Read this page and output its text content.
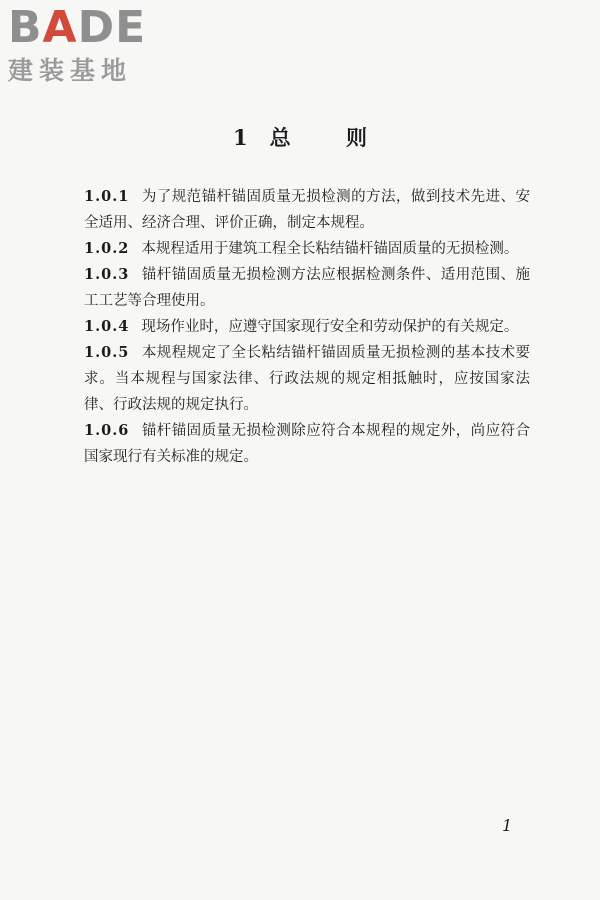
BADE
建装基地
1 总 则

1.0.1 为了规范锚杆锚固质量无损检测的方法，做到技术先进、安全适用、经济合理、评价正确，制定本规程。

1.0.2 本规程适用于建筑工程全长粘结锚杆锚固质量的无损检测。

1.0.3 锚杆锚固质量无损检测方法应根据检测条件、适用范围、施工工艺等合理使用。

1.0.4 现场作业时，应遵守国家现行安全和劳动保护的有关规定。

1.0.5 本规程规定了全长粘结锚杆锚固质量无损检测的基本技术要求。当本规程与国家法律、行政法规的规定相抵触时，应按国家法律、行政法规的规定执行。

1.0.6 锚杆锚固质量无损检测除应符合本规程的规定外，尚应符合国家现行有关标准的规定。

1
